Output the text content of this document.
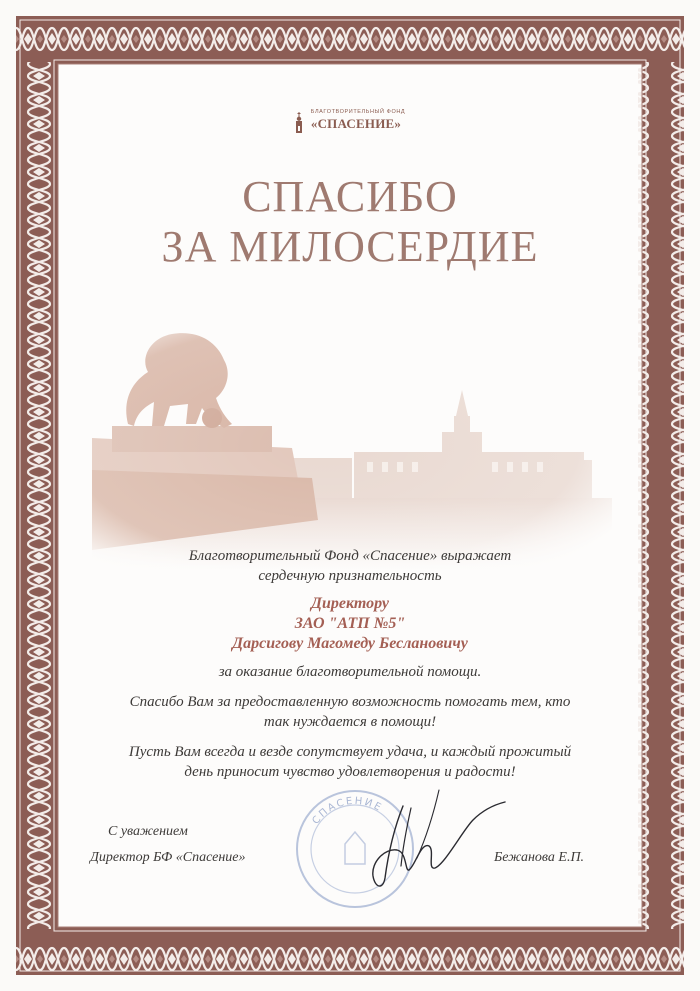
БЛАГОТВОРИТЕЛЬНЫЙ ФОНД
«СПАСЕНИЕ»
СПАСИБО
ЗА МИЛОСЕРДИЕ
Благотворительный Фонд «Спасение» выражает
сердечную признательность
Директору
ЗАО "АТП №5"
Дарсигову Магомеду Беслановичу
за оказание благотворительной помощи.
Спасибо Вам за предоставленную возможность помогать тем, кто
так нуждается в помощи!
Пусть Вам всегда и везде сопутствует удача, и каждый прожитый
день приносит чувство удовлетворения и радости!
СПАСЕНИЕ
С уважением
Директор БФ «Спасение»	Бежанова Е.П.
